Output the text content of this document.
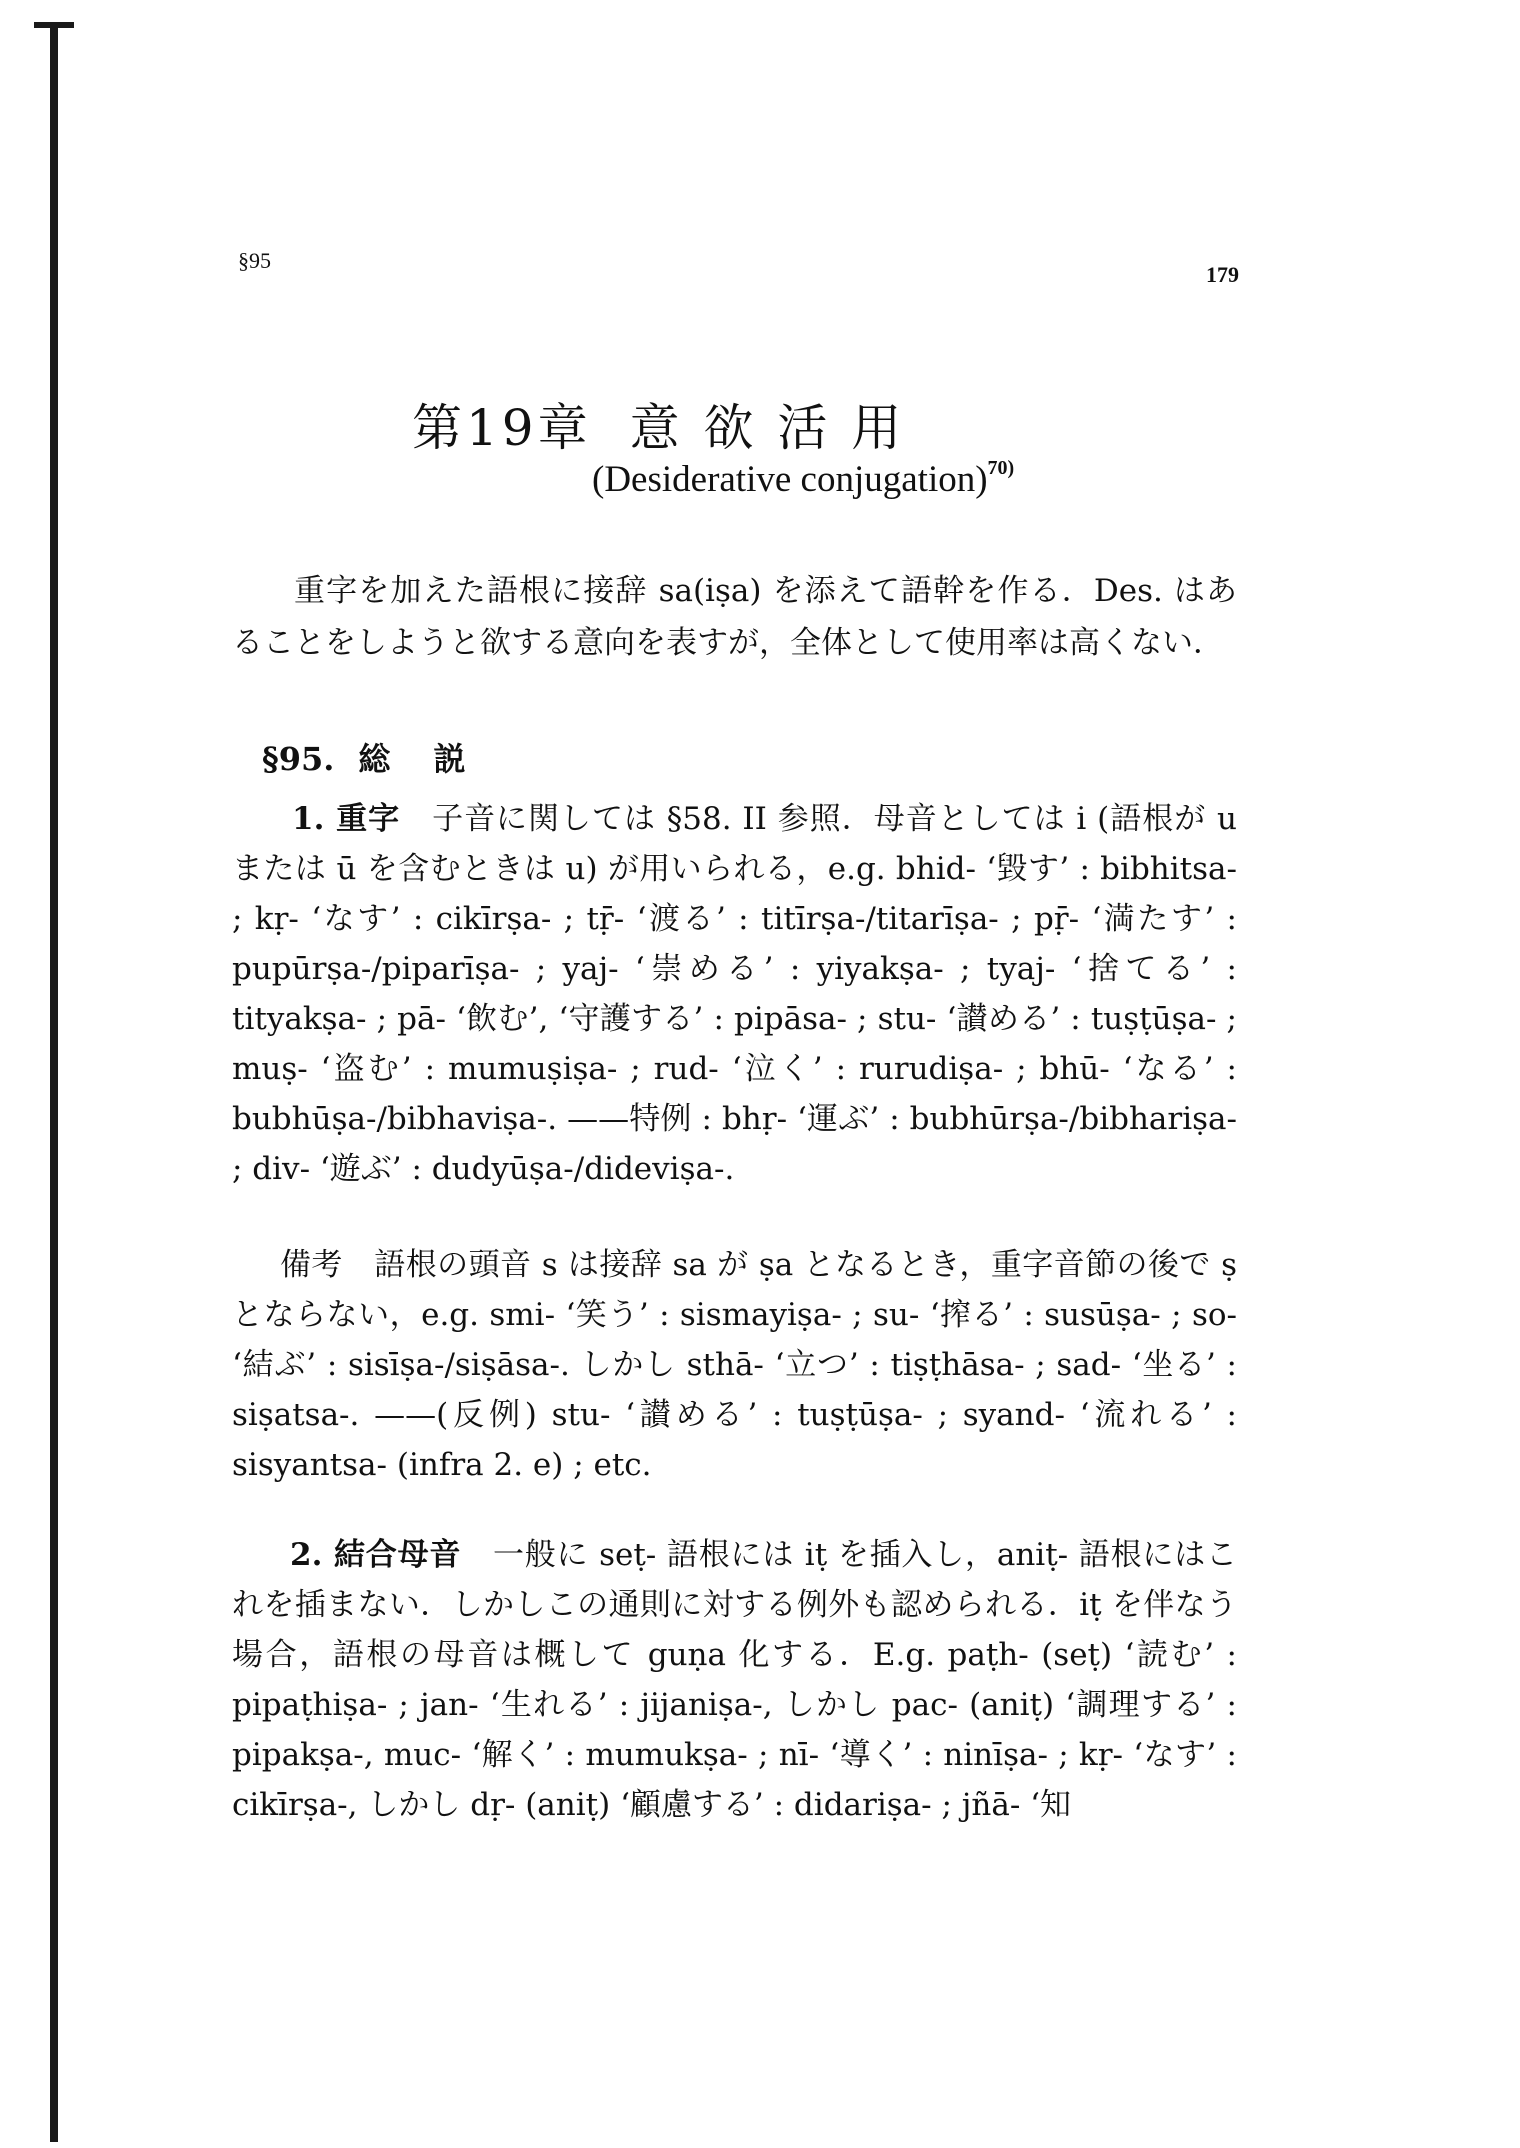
§95
179
第19章 意 欲 活 用
(Desiderative conjugation)$^{70)}$

重字を加えた語根に接辞 sa(iṣa) を添えて語幹を作る．Des. はあることをしようと欲する意向を表すが，全体として使用率は高くない．

§95. 総 説

1. 重字　 子音に関しては §58. II 参照．母音としては i (語根が u または ū を含むときは u) が用いられる，e.g. bhid- ‘毀す’ : bibhitsa- ; kṛ- ‘なす’ : cikīrṣa- ; tṝ- ‘渡る’ : titīrṣa-/titarīṣa- ; pṝ- ‘満たす’ : pupūrṣa-/piparīṣa- ; yaj- ‘崇める’ : yiyakṣa- ; tyaj- ‘捨てる’ : tityakṣa- ; pā- ‘飲む’, ‘守護する’ : pipāsa- ; stu- ‘讃める’ : tuṣṭūṣa- ; muṣ- ‘盗む’ : mumuṣiṣa- ; rud- ‘泣く’ : rurudiṣa- ; bhū- ‘なる’ : bubhūṣa-/bibhaviṣa-. ——特例 : bhṛ- ‘運ぶ’ : bubhūrṣa-/bibhariṣa- ; div- ‘遊ぶ’ : dudyūṣa-/dideviṣa-.

備考　 語根の頭音 s は接辞 sa が ṣa となるとき，重字音節の後で ṣ とならない，e.g. smi- ‘笑う’ : sismayiṣa- ; su- ‘搾る’ : susūṣa- ; so- ‘結ぶ’ : sisīṣa-/siṣāsa-. しかし sthā- ‘立つ’ : tiṣṭhāsa- ; sad- ‘坐る’ : siṣatsa-. ——(反例) stu- ‘讃める’ : tuṣṭūṣa- ; syand- ‘流れる’ : sisyantsa- (infra 2. e) ; etc.

2. 結合母音　 一般に seṭ- 語根には iṭ を插入し，aniṭ- 語根にはこれを插まない．しかしこの通則に対する例外も認められる．iṭ を伴なう場合，語根の母音は概して guṇa 化する．E.g. paṭh- (seṭ) ‘読む’ : pipaṭhiṣa- ; jan- ‘生れる’ : jijaniṣa-, しかし pac- (aniṭ) ‘調理する’ : pipakṣa-, muc- ‘解く’ : mumukṣa- ; nī- ‘導く’ : ninīṣa- ; kṛ- ‘なす’ : cikīrṣa-, しかし dṛ- (aniṭ) ‘顧慮する’ : didariṣa- ; jñā- ‘知
